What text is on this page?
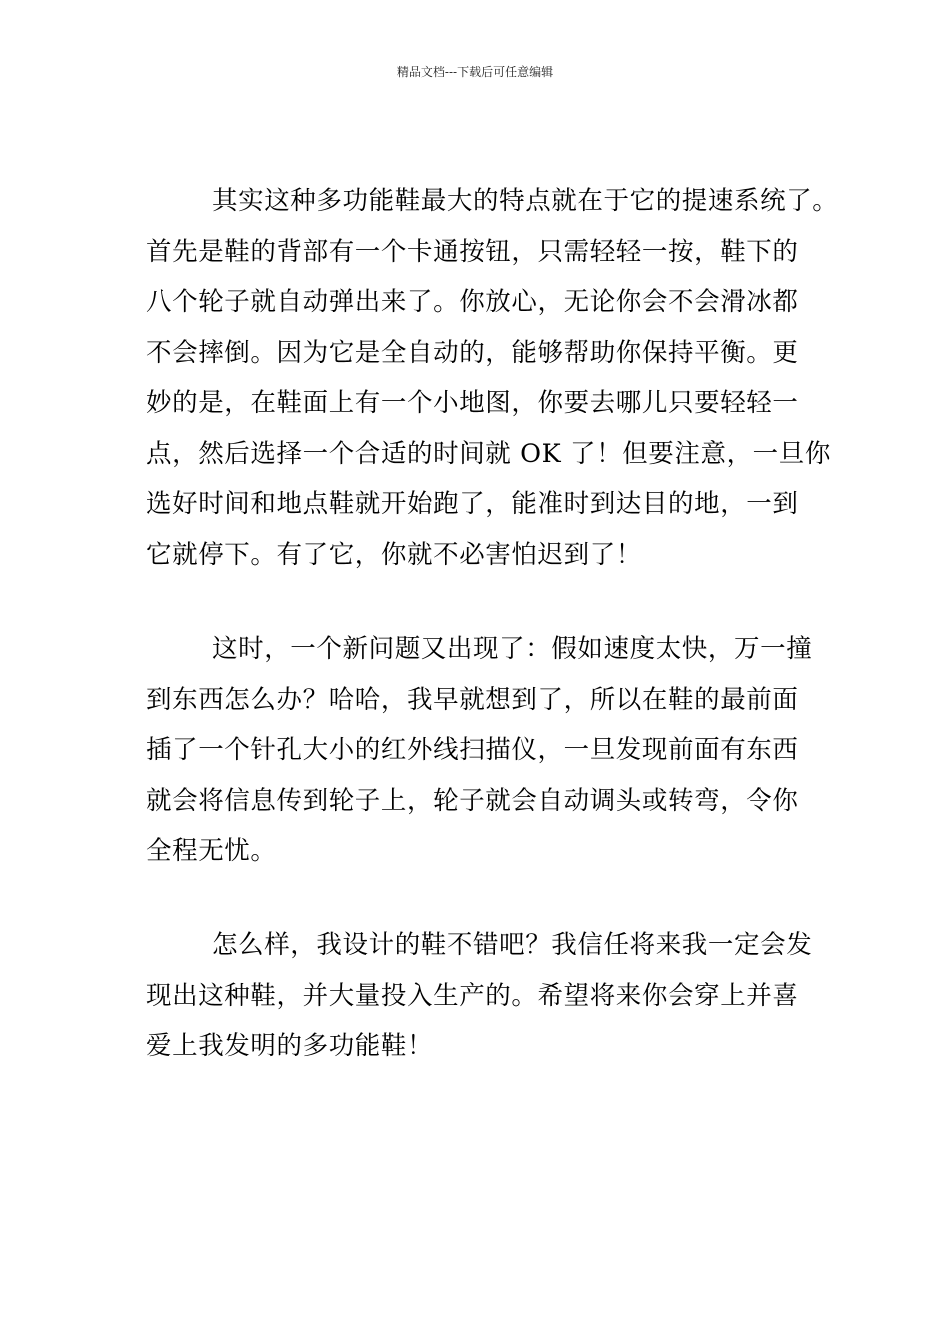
精品文档---下载后可任意编辑

其实这种多功能鞋最大的特点就在于它的提速系统了。
首先是鞋的背部有一个卡通按钮，只需轻轻一按，鞋下的
八个轮子就自动弹出来了。你放心，无论你会不会滑冰都
不会摔倒。因为它是全自动的，能够帮助你保持平衡。更
妙的是，在鞋面上有一个小地图，你要去哪儿只要轻轻一
点，然后选择一个合适的时间就 OK 了！但要注意，一旦你
选好时间和地点鞋就开始跑了，能准时到达目的地，一到
它就停下。有了它，你就不必害怕迟到了！

这时，一个新问题又出现了：假如速度太快，万一撞
到东西怎么办？哈哈，我早就想到了，所以在鞋的最前面
插了一个针孔大小的红外线扫描仪，一旦发现前面有东西
就会将信息传到轮子上，轮子就会自动调头或转弯，令你
全程无忧。

怎么样，我设计的鞋不错吧？我信任将来我一定会发
现出这种鞋，并大量投入生产的。希望将来你会穿上并喜
爱上我发明的多功能鞋！
